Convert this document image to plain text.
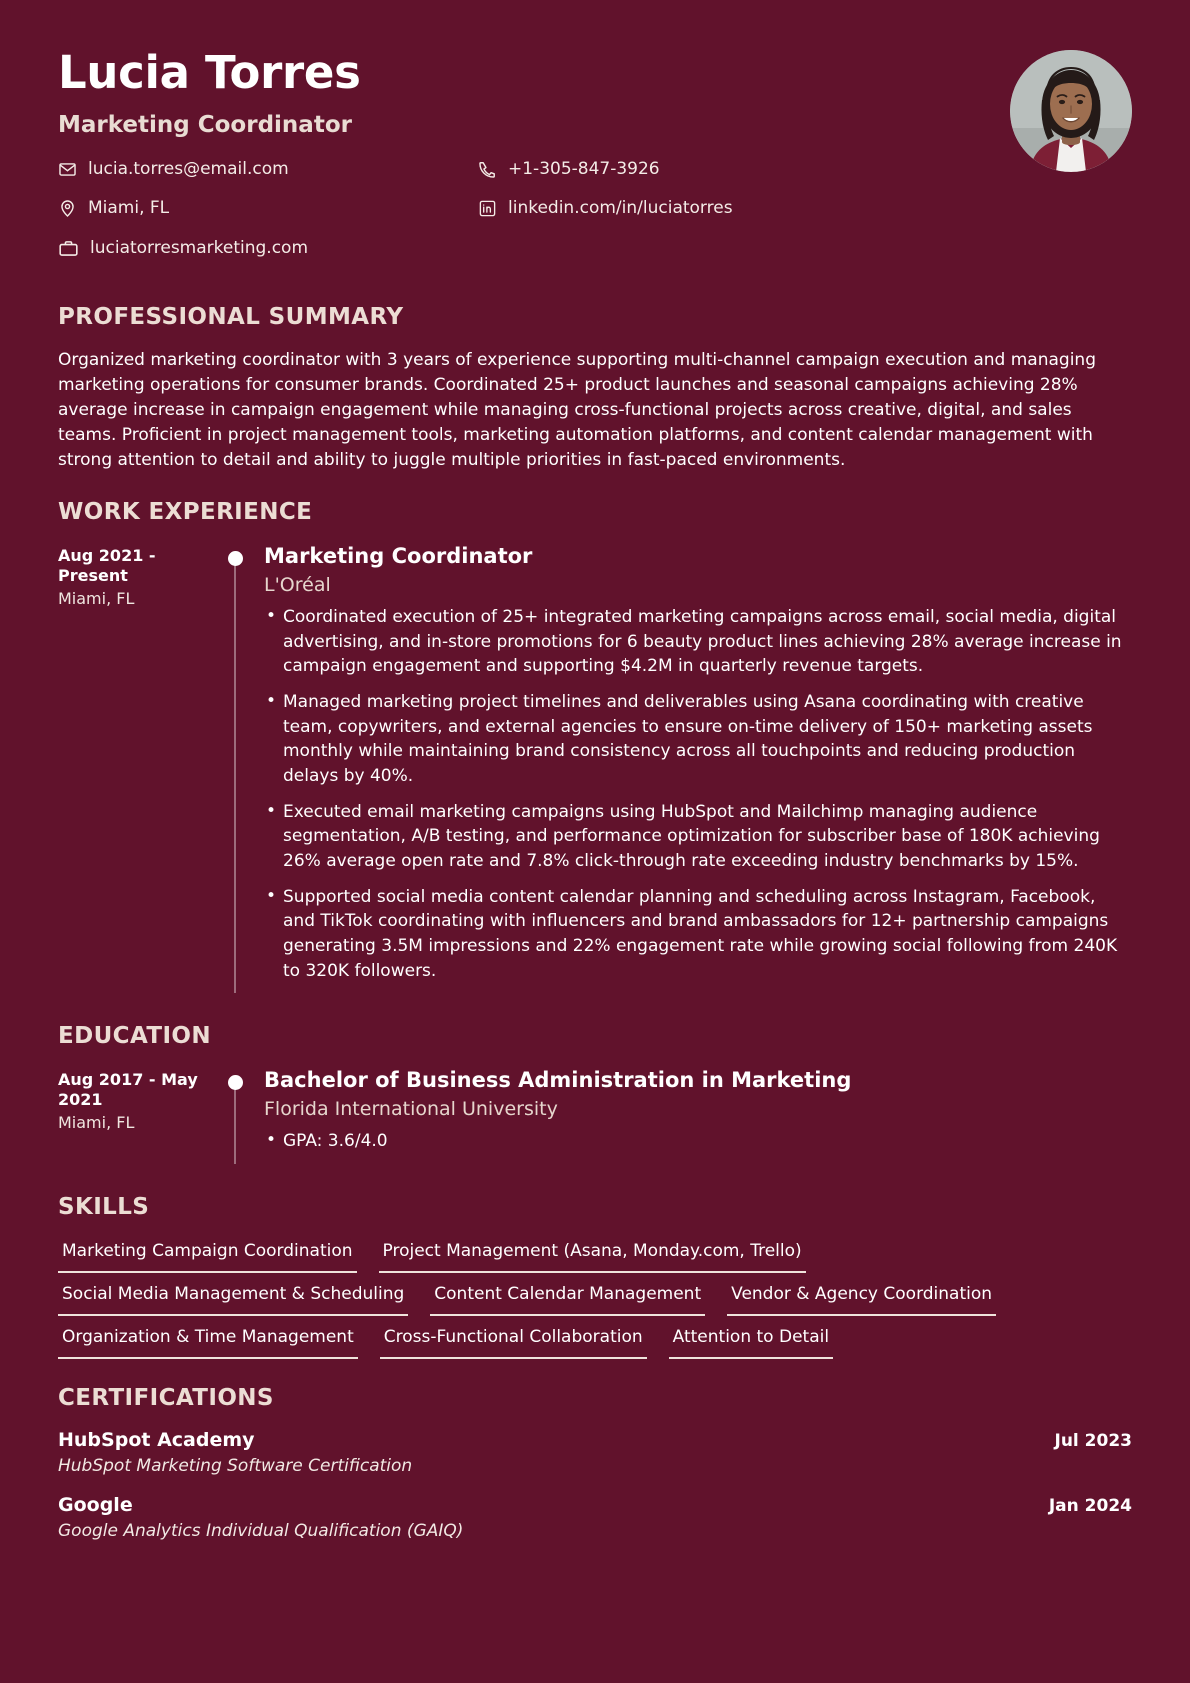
Lucia Torres
Marketing Coordinator
lucia.torres@email.com	+1-305-847-3926
Miami, FL	linkedin.com/in/luciatorres
luciatorresmarketing.com
PROFESSIONAL SUMMARY
Organized marketing coordinator with 3 years of experience supporting multi-channel campaign execution and managing marketing operations for consumer brands. Coordinated 25+ product launches and seasonal campaigns achieving 28% average increase in campaign engagement while managing cross-functional projects across creative, digital, and sales teams. Proficient in project management tools, marketing automation platforms, and content calendar management with strong attention to detail and ability to juggle multiple priorities in fast-paced environments.
WORK EXPERIENCE
Aug 2021 - Present
Miami, FL
Marketing Coordinator
L'Oréal
• Coordinated execution of 25+ integrated marketing campaigns across email, social media, digital advertising, and in-store promotions for 6 beauty product lines achieving 28% average increase in campaign engagement and supporting $4.2M in quarterly revenue targets.
• Managed marketing project timelines and deliverables using Asana coordinating with creative team, copywriters, and external agencies to ensure on-time delivery of 150+ marketing assets monthly while maintaining brand consistency across all touchpoints and reducing production delays by 40%.
• Executed email marketing campaigns using HubSpot and Mailchimp managing audience segmentation, A/B testing, and performance optimization for subscriber base of 180K achieving 26% average open rate and 7.8% click-through rate exceeding industry benchmarks by 15%.
• Supported social media content calendar planning and scheduling across Instagram, Facebook, and TikTok coordinating with influencers and brand ambassadors for 12+ partnership campaigns generating 3.5M impressions and 22% engagement rate while growing social following from 240K to 320K followers.
EDUCATION
Aug 2017 - May 2021
Miami, FL
Bachelor of Business Administration in Marketing
Florida International University
• GPA: 3.6/4.0
SKILLS
Marketing Campaign Coordination Project Management (Asana, Monday.com, Trello)
Social Media Management & Scheduling Content Calendar Management Vendor & Agency Coordination
Organization & Time Management Cross-Functional Collaboration Attention to Detail
CERTIFICATIONS
HubSpot Academy	Jul 2023
HubSpot Marketing Software Certification
Google	Jan 2024
Google Analytics Individual Qualification (GAIQ)
